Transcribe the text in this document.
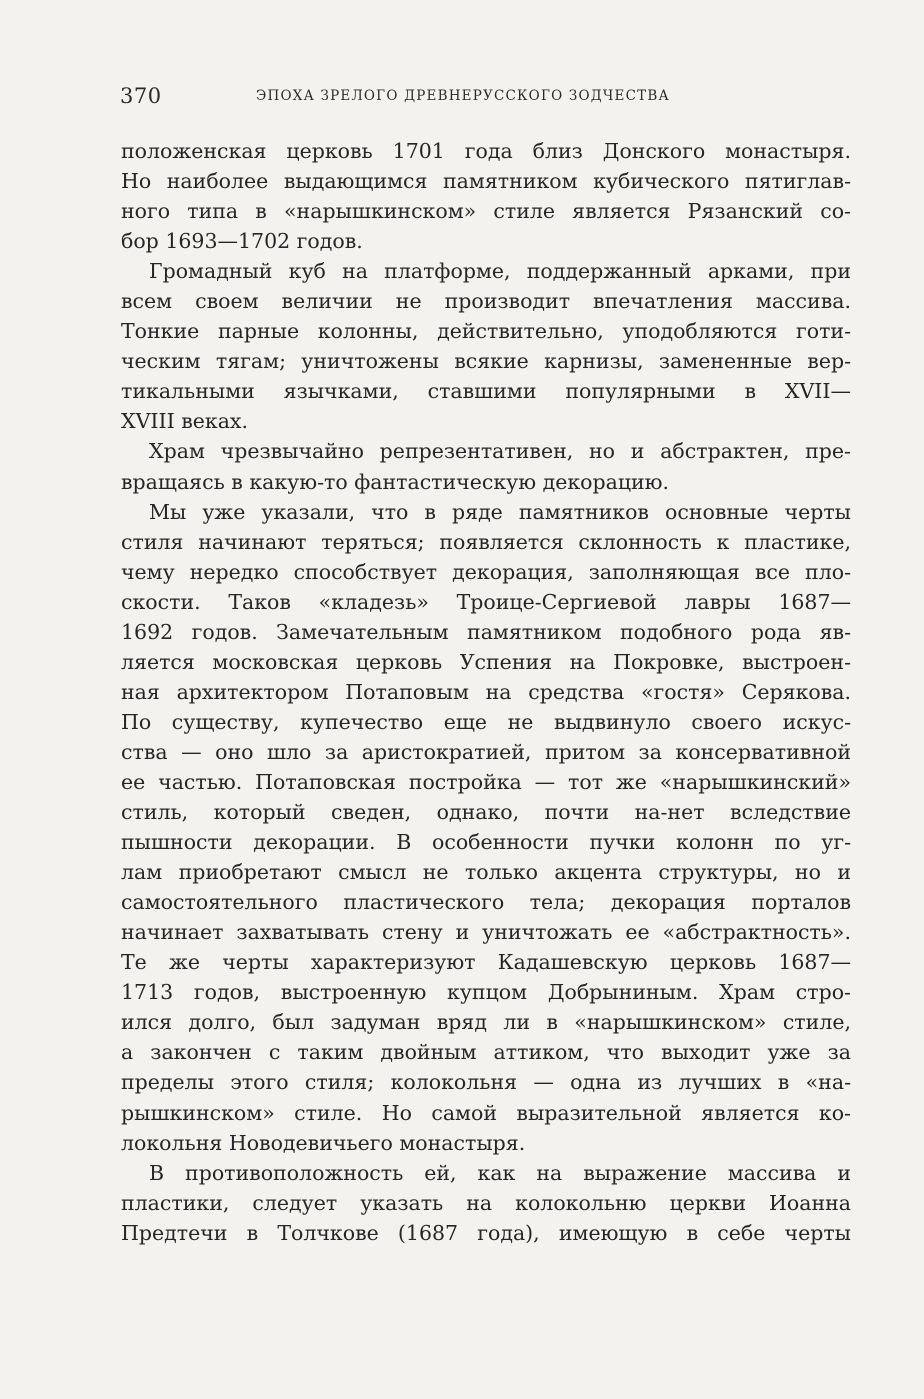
370	ЭПОХА ЗРЕЛОГО ДРЕВНЕРУССКОГО ЗОДЧЕСТВА
положенская церковь 1701 года близ Донского монастыря.
Но наиболее выдающимся памятником кубического пятиглав-
ного типа в «нарышкинском» стиле является Рязанский со-
бор 1693—1702 годов.
Громадный куб на платформе, поддержанный арками, при
всем своем величии не производит впечатления массива.
Тонкие парные колонны, действительно, уподобляются готи-
ческим тягам; уничтожены всякие карнизы, замененные вер-
тикальными язычками, ставшими популярными в XVII—
XVIII веках.
Храм чрезвычайно репрезентативен, но и абстрактен, пре-
вращаясь в какую-то фантастическую декорацию.
Мы уже указали, что в ряде памятников основные черты
стиля начинают теряться; появляется склонность к пластике,
чему нередко способствует декорация, заполняющая все пло-
скости. Таков «кладезь» Троице-Сергиевой лавры 1687—
1692 годов. Замечательным памятником подобного рода яв-
ляется московская церковь Успения на Покровке, выстроен-
ная архитектором Потаповым на средства «гостя» Серякова.
По существу, купечество еще не выдвинуло своего искус-
ства — оно шло за аристократией, притом за консервативной
ее частью. Потаповская постройка — тот же «нарышкинский»
стиль, который сведен, однако, почти на-нет вследствие
пышности декорации. В особенности пучки колонн по уг-
лам приобретают смысл не только акцента структуры, но и
самостоятельного пластического тела; декорация порталов
начинает захватывать стену и уничтожать ее «абстрактность».
Те же черты характеризуют Кадашевскую церковь 1687—
1713 годов, выстроенную купцом Добрыниным. Храм стро-
ился долго, был задуман вряд ли в «нарышкинском» стиле,
а закончен с таким двойным аттиком, что выходит уже за
пределы этого стиля; колокольня — одна из лучших в «на-
рышкинском» стиле. Но самой выразительной является ко-
локольня Новодевичьего монастыря.
В противоположность ей, как на выражение массива и
пластики, следует указать на колокольню церкви Иоанна
Предтечи в Толчкове (1687 года), имеющую в себе черты
